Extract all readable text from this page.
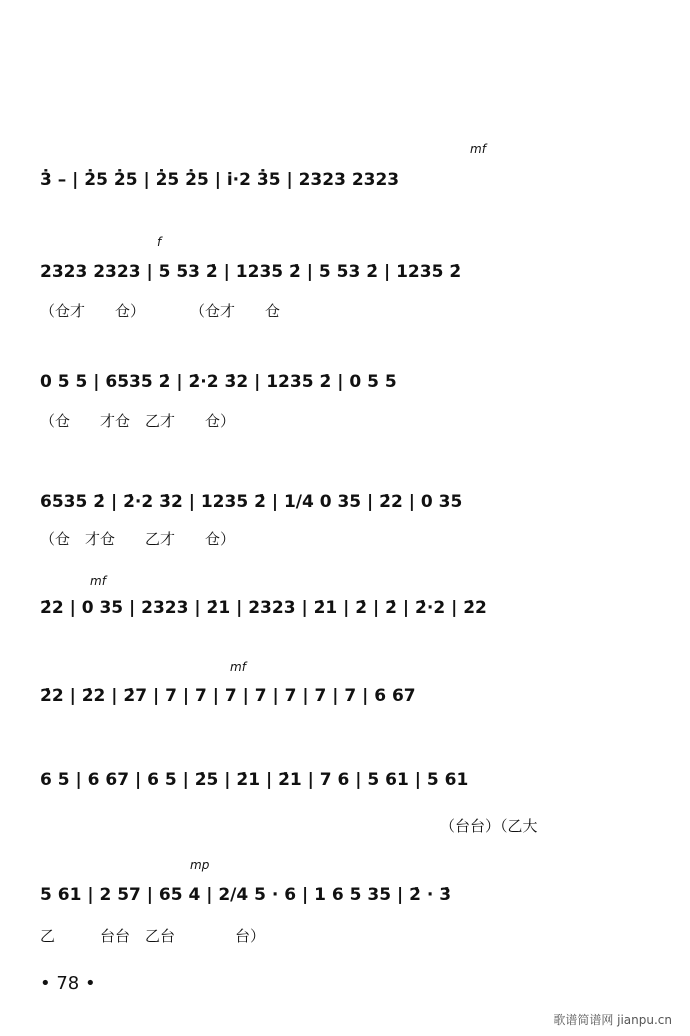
3̇ – | 2̇5 2̇5 | 2̇5 2̇5 | i·2 3̇5 | 2323 2323
mf
2323 2323 | 5 53 2̇ | 1235 2̇ | 5 53 2̇ | 1235 2̇
f
（仓才　　仓）　　　　（仓才　　仓
0 5 5 | 6535 2̇ | 2̇·2 3̇2 | 1235 2̇ | 0 5 5
（仓　　才仓　乙才　　仓）
6535 2̇ | 2̇·2 3̇2 | 1235 2̇ | 1/4 0 35 | 2̇2 | 0 35
（仓　才仓　　乙才　　仓）
2̇2 | 0 35 | 2323 | 2̇1 | 2323 | 2̇1 | 2̇ | 2̇ | 2̇·2 | 2̇2
mf
2̇2 | 2̇2 | 2̇7 | 7 | 7 | 7 | 7 | 7 | 7 | 7 | 6 67
mf
6 5 | 6 67 | 6 5 | 2̇5 | 2̇1 | 2̇1 | 7 6 | 5 61 | 5 61
（台台）（乙大
5 61 | 2 57 | 65 4 | 2/4 5 · 6 | 1 6 5 35 | 2̇ · 3̇
mp
乙　　　台台　乙台　　　　台）
• 78 •
歌谱简谱网 jianpu.cn
